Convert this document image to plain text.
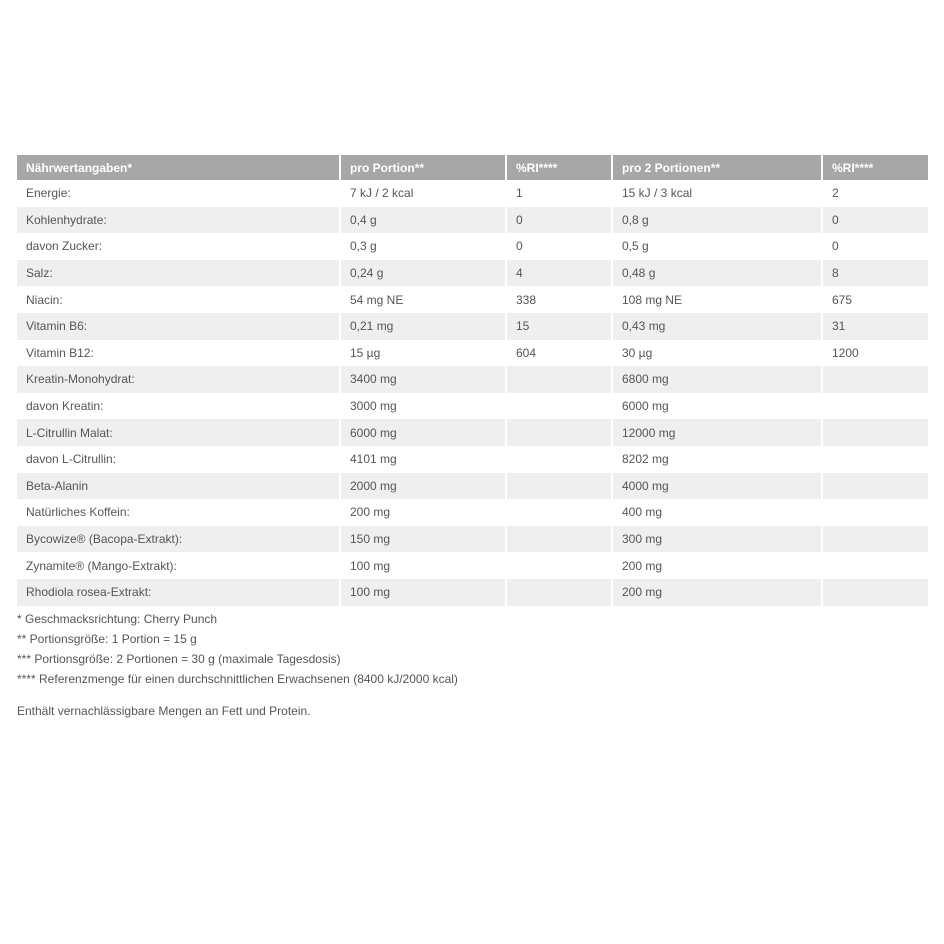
Nährwertangaben*	pro Portion**	%RI****	pro 2 Portionen**	%RI****
Energie:	7 kJ / 2 kcal	1	15 kJ / 3 kcal	2
Kohlenhydrate:	0,4 g	0	0,8 g	0
davon Zucker:	0,3 g	0	0,5 g	0
Salz:	0,24 g	4	0,48 g	8
Niacin:	54 mg NE	338	108 mg NE	675
Vitamin B6:	0,21 mg	15	0,43 mg	31
Vitamin B12:	15 µg	604	30 µg	1200
Kreatin-Monohydrat:	3400 mg		6800 mg	
davon Kreatin:	3000 mg		6000 mg	
L-Citrullin Malat:	6000 mg		12000 mg	
davon L-Citrullin:	4101 mg		8202 mg	
Beta-Alanin	2000 mg		4000 mg	
Natürliches Koffein:	200 mg		400 mg	
Bycowize® (Bacopa-Extrakt):	150 mg		300 mg	
Zynamite® (Mango-Extrakt):	100 mg		200 mg	
Rhodiola rosea-Extrakt:	100 mg		200 mg	
* Geschmacksrichtung: Cherry Punch
** Portionsgröße: 1 Portion = 15 g
*** Portionsgröße: 2 Portionen = 30 g (maximale Tagesdosis)
**** Referenzmenge für einen durchschnittlichen Erwachsenen (8400 kJ/2000 kcal)
Enthält vernachlässigbare Mengen an Fett und Protein.
